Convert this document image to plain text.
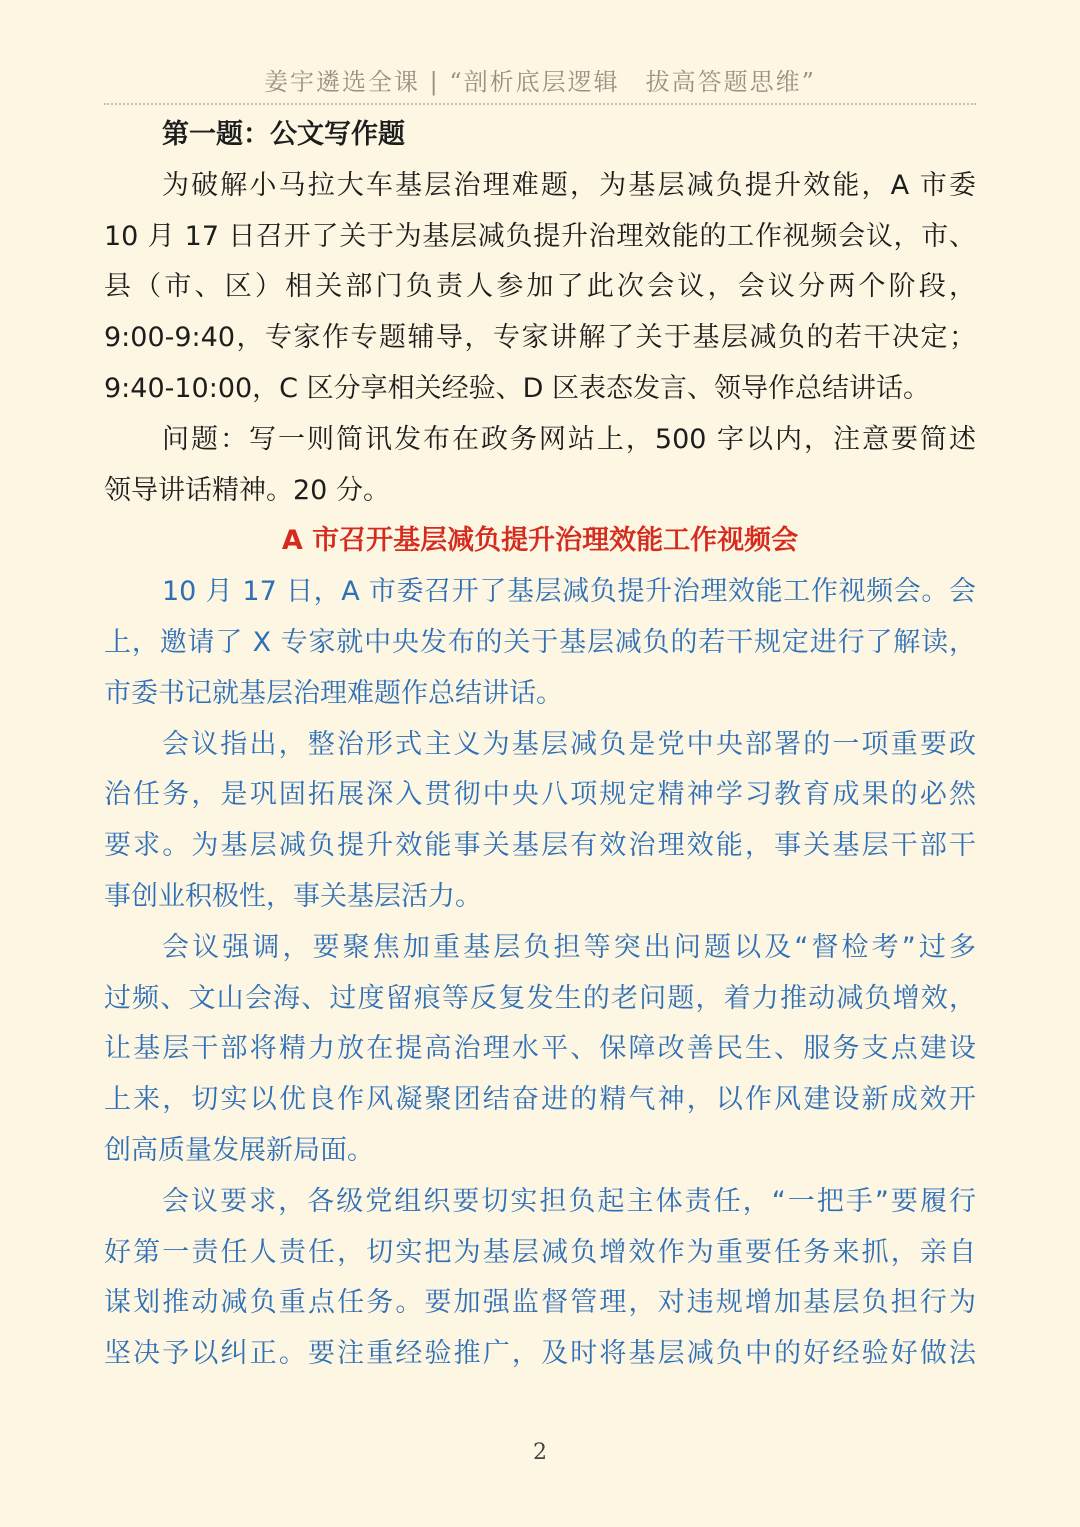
姜宇遴选全课 | “剖析底层逻辑　拔高答题思维”
第一题：公文写作题
为破解小马拉大车基层治理难题，为基层减负提升效能，A 市委
10 月 17 日召开了关于为基层减负提升治理效能的工作视频会议，市、
县（市、区）相关部门负责人参加了此次会议，会议分两个阶段，
9:00-9:40，专家作专题辅导，专家讲解了关于基层减负的若干决定；
9:40-10:00，C 区分享相关经验、D 区表态发言、领导作总结讲话。
问题：写一则简讯发布在政务网站上，500 字以内，注意要简述
领导讲话精神。20 分。
A 市召开基层减负提升治理效能工作视频会
10 月 17 日，A 市委召开了基层减负提升治理效能工作视频会。会
上，邀请了 X 专家就中央发布的关于基层减负的若干规定进行了解读，
市委书记就基层治理难题作总结讲话。
会议指出，整治形式主义为基层减负是党中央部署的一项重要政
治任务，是巩固拓展深入贯彻中央八项规定精神学习教育成果的必然
要求。为基层减负提升效能事关基层有效治理效能，事关基层干部干
事创业积极性，事关基层活力。
会议强调，要聚焦加重基层负担等突出问题以及“督检考”过多
过频、文山会海、过度留痕等反复发生的老问题，着力推动减负增效，
让基层干部将精力放在提高治理水平、保障改善民生、服务支点建设
上来，切实以优良作风凝聚团结奋进的精气神，以作风建设新成效开
创高质量发展新局面。
会议要求，各级党组织要切实担负起主体责任，“一把手”要履行
好第一责任人责任，切实把为基层减负增效作为重要任务来抓，亲自
谋划推动减负重点任务。要加强监督管理，对违规增加基层负担行为
坚决予以纠正。要注重经验推广，及时将基层减负中的好经验好做法
2
